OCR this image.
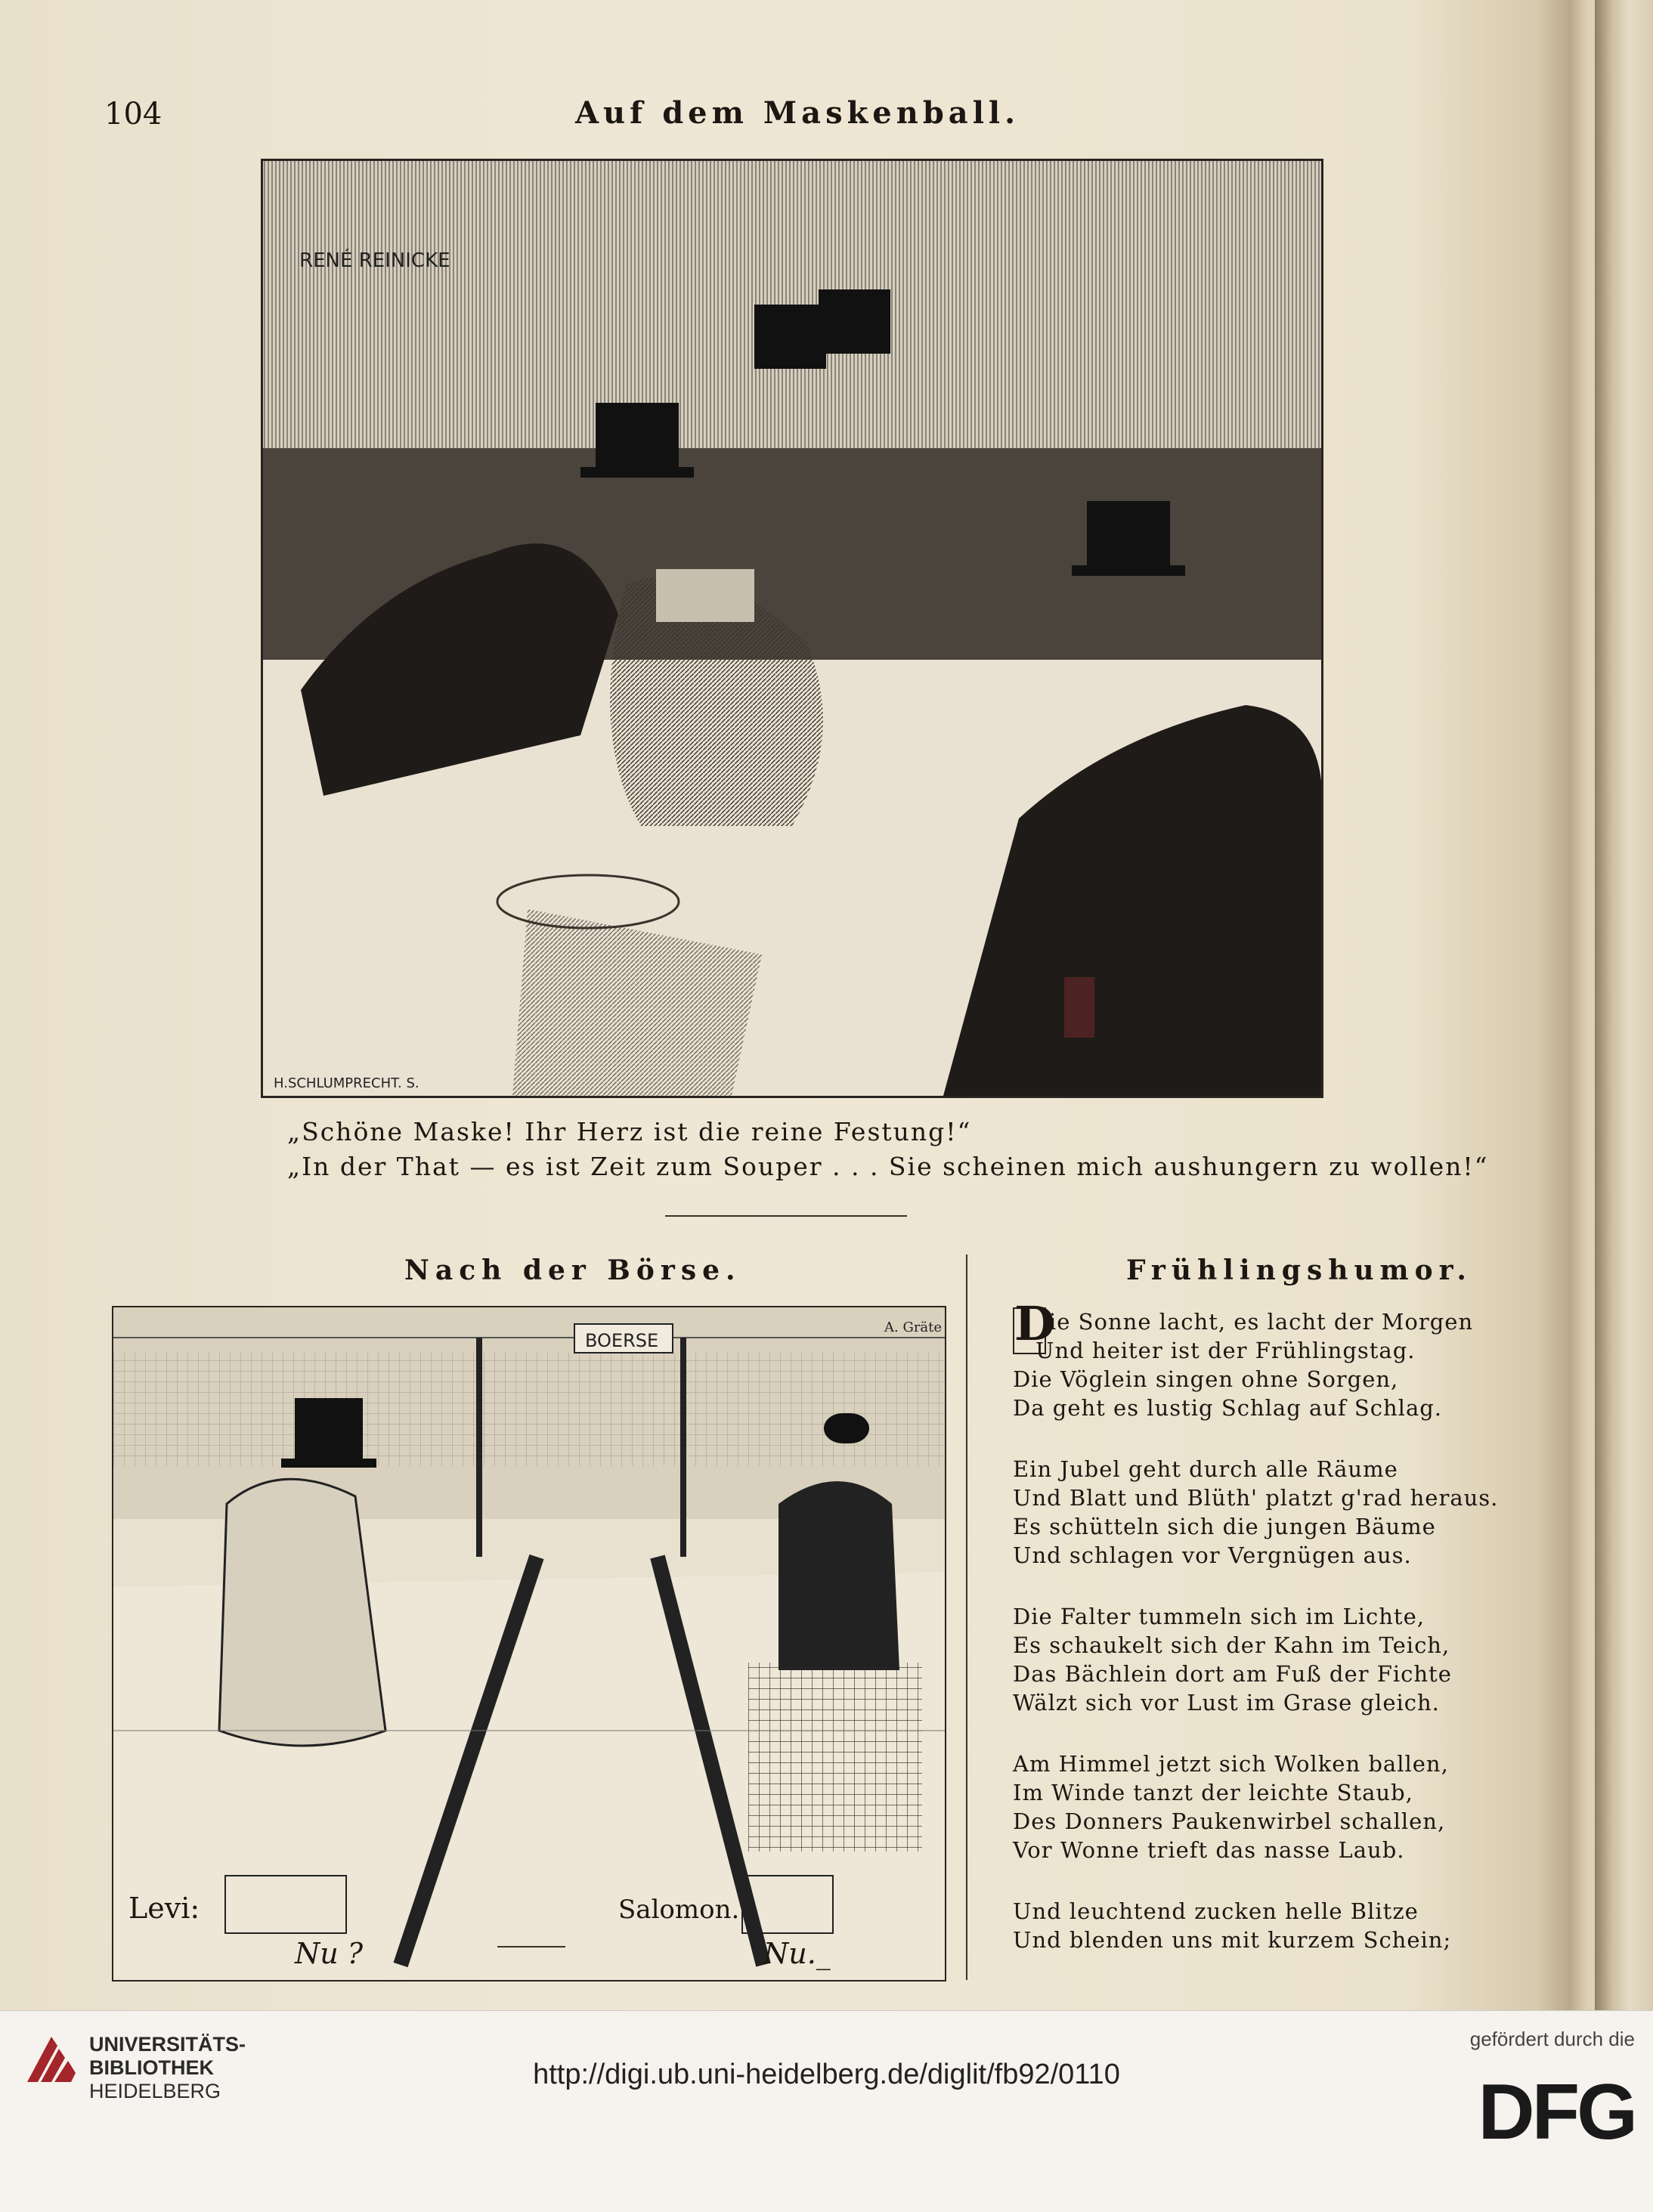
104	Auf dem Maskenball.
RENÉ REINICKE
H.SCHLUMPRECHT. S.
„Schöne Maske! Ihr Herz ist die reine Festung!“
„In der That — es ist Zeit zum Souper . . . Sie scheinen mich aushungern zu wollen!“
Nach der Börse.
BOERSE
A. Gräte
Levi:
Nu ?
Salomon.
Nu._
Frühlingshumor.
Die Sonne lacht, es lacht der Morgen
Und heiter ist der Frühlingstag.
Die Vöglein singen ohne Sorgen,
Da geht es lustig Schlag auf Schlag.
Ein Jubel geht durch alle Räume
Und Blatt und Blüth' platzt g'rad heraus.
Es schütteln sich die jungen Bäume
Und schlagen vor Vergnügen aus.
Die Falter tummeln sich im Lichte,
Es schaukelt sich der Kahn im Teich,
Das Bächlein dort am Fuß der Fichte
Wälzt sich vor Lust im Grase gleich.
Am Himmel jetzt sich Wolken ballen,
Im Winde tanzt der leichte Staub,
Des Donners Paukenwirbel schallen,
Vor Wonne trieft das nasse Laub.
Und leuchtend zucken helle Blitze
Und blenden uns mit kurzem Schein;
UNIVERSITÄTS-
BIBLIOTHEK
HEIDELBERG
http://digi.ub.uni-heidelberg.de/diglit/fb92/0110
gefördert durch die
DFG
